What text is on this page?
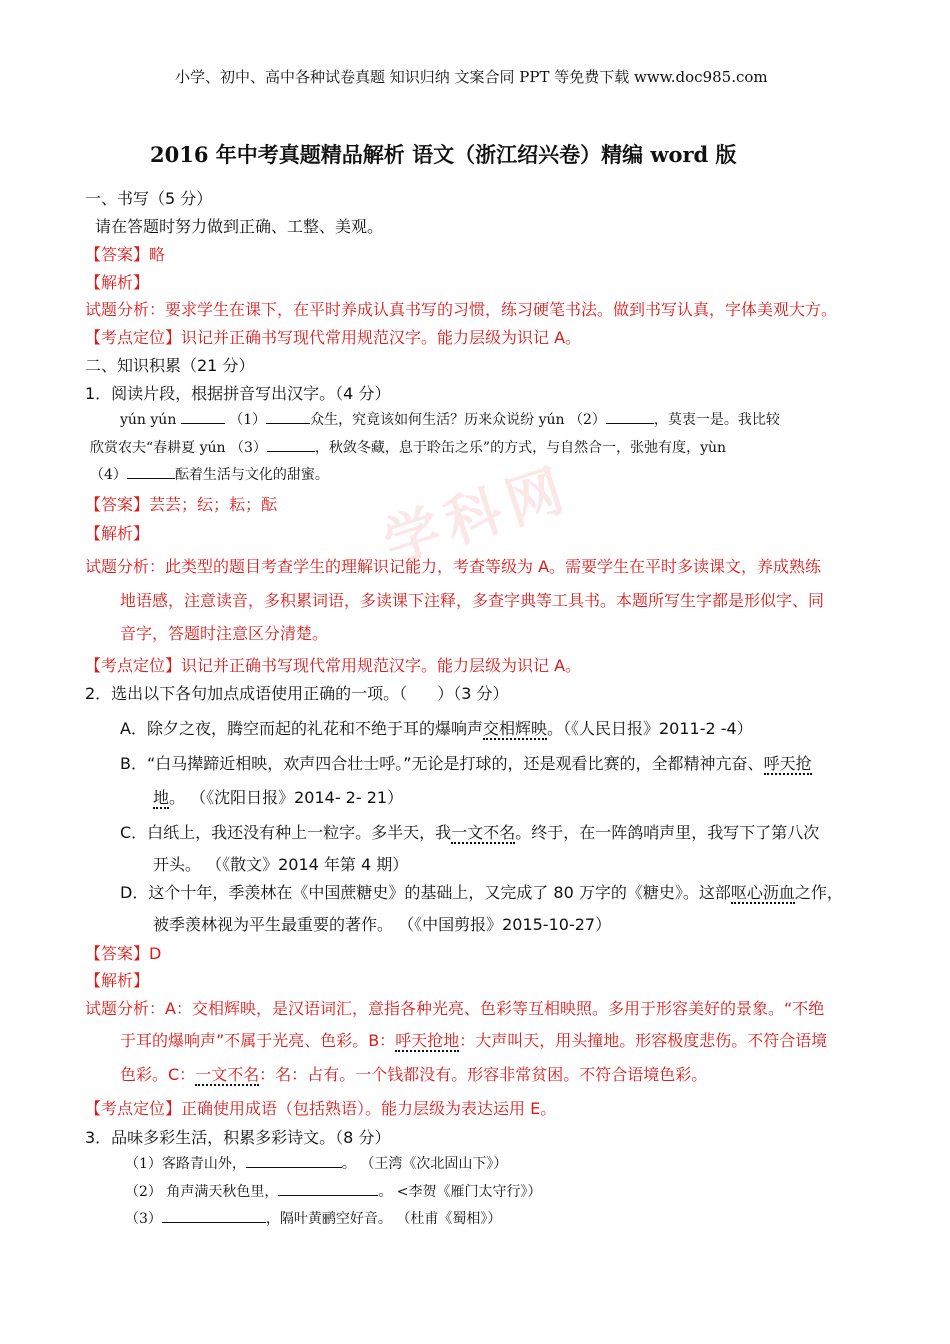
学科网
小学、初中、高中各种试卷真题 知识归纳 文案合同 PPT 等免费下载 www.doc985.com
2016 年中考真题精品解析 语文（浙江绍兴卷）精编 word 版
一、书写（5 分）
请在答题时努力做到正确、工整、美观。
【答案】略
【解析】
试题分析：要求学生在课下，在平时养成认真书写的习惯，练习硬笔书法。做到书写认真，字体美观大方。
【考点定位】识记并正确书写现代常用规范汉字。能力层级为识记 A。
二、知识积累（21 分）
1．阅读片段，根据拼音写出汉字。（4 分）
yún yún	（1）	众生，究竟该如何生活？历来众说纷 yún （2）	，莫衷一是。我比较
欣赏农夫“春耕夏 yún （3）	，秋敛冬藏，息于聆缶之乐”的方式，与自然合一，张弛有度，yùn
（4）	酝着生活与文化的甜蜜。
【答案】芸芸；纭；耘；酝
【解析】
试题分析：此类型的题目考查学生的理解识记能力，考查等级为 A。需要学生在平时多读课文，养成熟练
地语感，注意读音，多积累词语，多读课下注释，多查字典等工具书。本题所写生字都是形似字、同
音字，答题时注意区分清楚。
【考点定位】识记并正确书写现代常用规范汉字。能力层级为识记 A。
2．选出以下各句加点成语使用正确的一项。（ ）（3 分）
A．除夕之夜，腾空而起的礼花和不绝于耳的爆响声交相辉映。（《人民日报》2011-2 -4）
B．“白马撵蹄近相映，欢声四合壮士呼。”无论是打球的，还是观看比赛的，全都精神亢奋、呼天抢
地。 （《沈阳日报》2014- 2- 21）
C．白纸上，我还没有种上一粒字。多半天，我一文不名。终于，在一阵鸽哨声里，我写下了第八次
开头。 （《散文》2014 年第 4 期）
D．这个十年，季羡林在《中国蔗糖史》的基础上，又完成了 80 万字的《糖史》。这部呕心沥血之作，
被季羡林视为平生最重要的著作。 （《中国剪报》2015-10-27）
【答案】D
【解析】
试题分析：A：交相辉映，是汉语词汇，意指各种光亮、色彩等互相映照。多用于形容美好的景象。“不绝
于耳的爆响声”不属于光亮、色彩。B：呼天抢地：大声叫天，用头撞地。形容极度悲伤。不符合语境
色彩。C：一文不名：名：占有。一个钱都没有。形容非常贫困。不符合语境色彩。
【考点定位】正确使用成语（包括熟语）。能力层级为表达运用 E。
3．品味多彩生活，积累多彩诗文。（8 分）
（1）客路青山外，	。 （王湾《次北固山下》）
（2） 角声满天秋色里，	。 <李贺《雁门太守行》）
（3）	，隔叶黄鹂空好音。 （杜甫《蜀相》）
